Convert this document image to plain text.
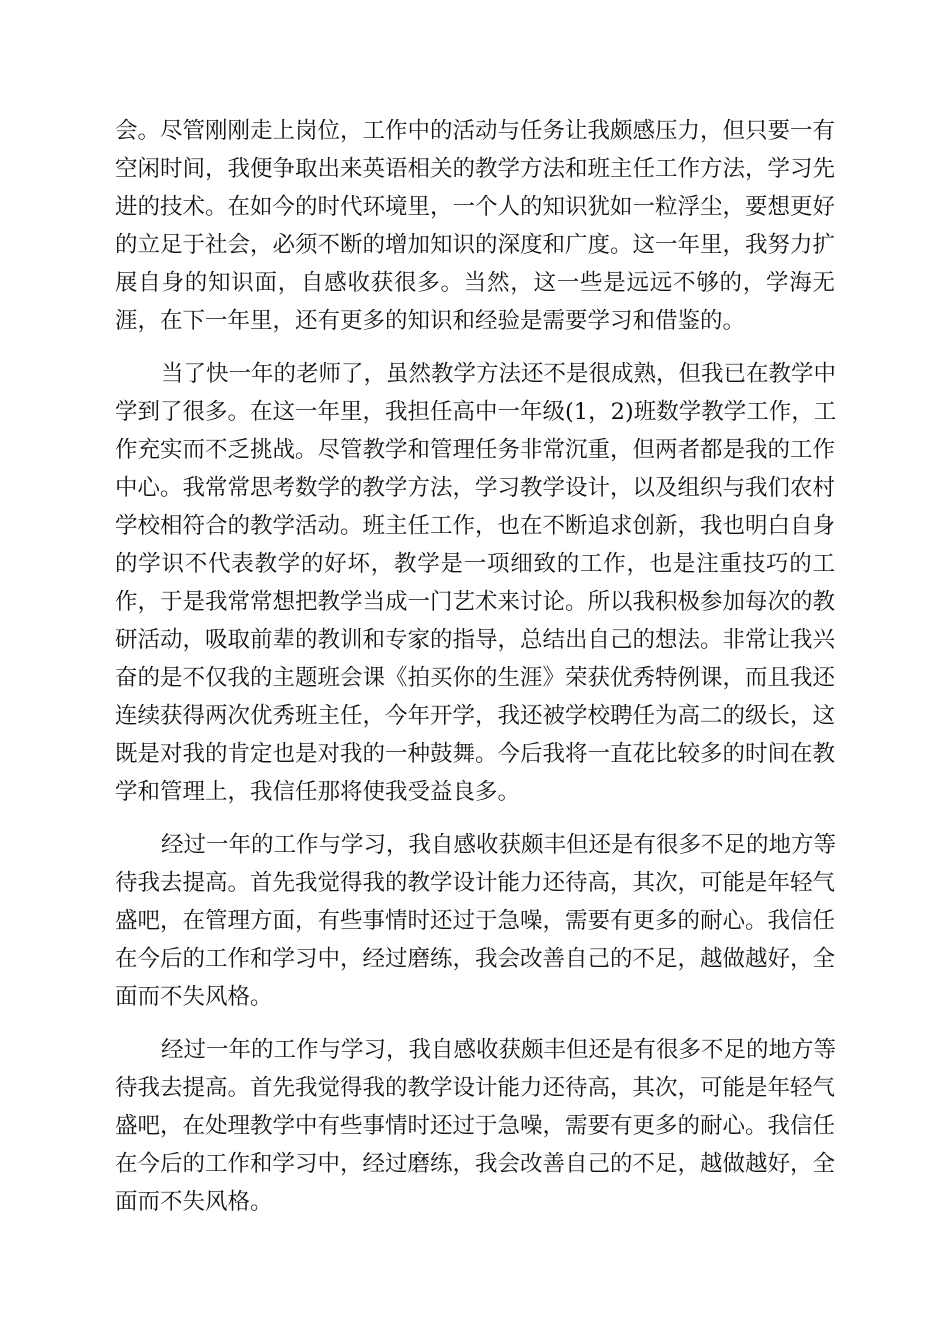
会。尽管刚刚走上岗位，工作中的活动与任务让我颇感压力，但只要一有
空闲时间，我便争取出来英语相关的教学方法和班主任工作方法，学习先
进的技术。在如今的时代环境里，一个人的知识犹如一粒浮尘，要想更好
的立足于社会，必须不断的增加知识的深度和广度。这一年里，我努力扩
展自身的知识面，自感收获很多。当然，这一些是远远不够的，学海无
涯，在下一年里，还有更多的知识和经验是需要学习和借鉴的。
当了快一年的老师了，虽然教学方法还不是很成熟，但我已在教学中
学到了很多。在这一年里，我担任高中一年级(1，2)班数学教学工作，工
作充实而不乏挑战。尽管教学和管理任务非常沉重，但两者都是我的工作
中心。我常常思考数学的教学方法，学习教学设计，以及组织与我们农村
学校相符合的教学活动。班主任工作，也在不断追求创新，我也明白自身
的学识不代表教学的好坏，教学是一项细致的工作，也是注重技巧的工
作，于是我常常想把教学当成一门艺术来讨论。所以我积极参加每次的教
研活动，吸取前辈的教训和专家的指导，总结出自己的想法。非常让我兴
奋的是不仅我的主题班会课《拍买你的生涯》荣获优秀特例课，而且我还
连续获得两次优秀班主任，今年开学，我还被学校聘任为高二的级长，这
既是对我的肯定也是对我的一种鼓舞。今后我将一直花比较多的时间在教
学和管理上，我信任那将使我受益良多。
经过一年的工作与学习，我自感收获颇丰但还是有很多不足的地方等
待我去提高。首先我觉得我的教学设计能力还待高，其次，可能是年轻气
盛吧，在管理方面，有些事情时还过于急噪，需要有更多的耐心。我信任
在今后的工作和学习中，经过磨练，我会改善自己的不足，越做越好，全
面而不失风格。
经过一年的工作与学习，我自感收获颇丰但还是有很多不足的地方等
待我去提高。首先我觉得我的教学设计能力还待高，其次，可能是年轻气
盛吧，在处理教学中有些事情时还过于急噪，需要有更多的耐心。我信任
在今后的工作和学习中，经过磨练，我会改善自己的不足，越做越好，全
面而不失风格。
